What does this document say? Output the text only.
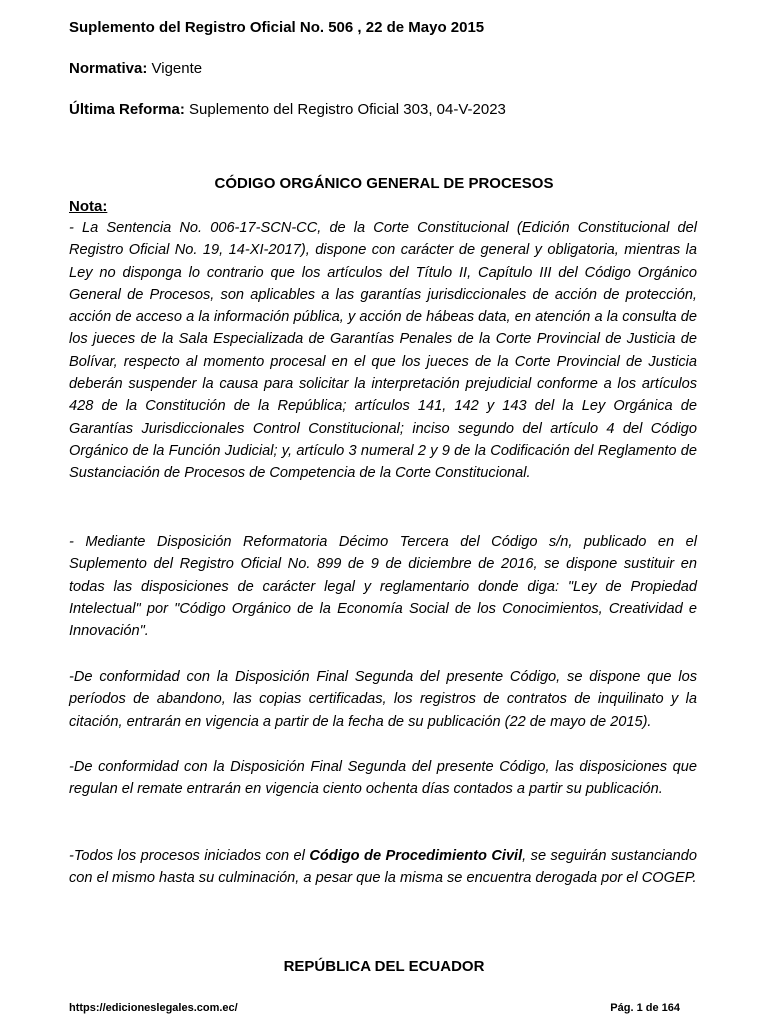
Suplemento del Registro Oficial No. 506 , 22 de Mayo 2015
Normativa: Vigente
Última Reforma: Suplemento del Registro Oficial 303, 04-V-2023
CÓDIGO ORGÁNICO GENERAL DE PROCESOS
Nota:

- La Sentencia No. 006-17-SCN-CC, de la Corte Constitucional (Edición Constitucional del Registro Oficial No. 19, 14-XI-2017), dispone con carácter de general y obligatoria, mientras la Ley no disponga lo contrario que los artículos del Título II, Capítulo III del Código Orgánico General de Procesos, son aplicables a las garantías jurisdiccionales de acción de protección, acción de acceso a la información pública, y acción de hábeas data, en atención a la consulta de los jueces de la Sala Especializada de Garantías Penales de la Corte Provincial de Justicia de Bolívar, respecto al momento procesal en el que los jueces de la Corte Provincial de Justicia deberán suspender la causa para solicitar la interpretación prejudicial conforme a los artículos 428 de la Constitución de la República; artículos 141, 142 y 143 del la Ley Orgánica de Garantías Jurisdiccionales Control Constitucional; inciso segundo del artículo 4 del Código Orgánico de la Función Judicial; y, artículo 3 numeral 2 y 9 de la Codificación del Reglamento de Sustanciación de Procesos de Competencia de la Corte Constitucional.

- Mediante Disposición Reformatoria Décimo Tercera del Código s/n, publicado en el Suplemento del Registro Oficial No. 899 de 9 de diciembre de 2016, se dispone sustituir en todas las disposiciones de carácter legal y reglamentario donde diga: "Ley de Propiedad Intelectual" por "Código Orgánico de la Economía Social de los Conocimientos, Creatividad e Innovación".

-De conformidad con la Disposición Final Segunda del presente Código, se dispone que los períodos de abandono, las copias certificadas, los registros de contratos de inquilinato y la citación, entrarán en vigencia a partir de la fecha de su publicación (22 de mayo de 2015).

-De conformidad con la Disposición Final Segunda del presente Código, las disposiciones que regulan el remate entrarán en vigencia ciento ochenta días contados a partir su publicación.

-Todos los procesos iniciados con el Código de Procedimiento Civil, se seguirán sustanciando con el mismo hasta su culminación, a pesar que la misma se encuentra derogada por el COGEP.

REPÚBLICA DEL ECUADOR
https://edicioneslegales.com.ec/	Pág. 1 de 164
